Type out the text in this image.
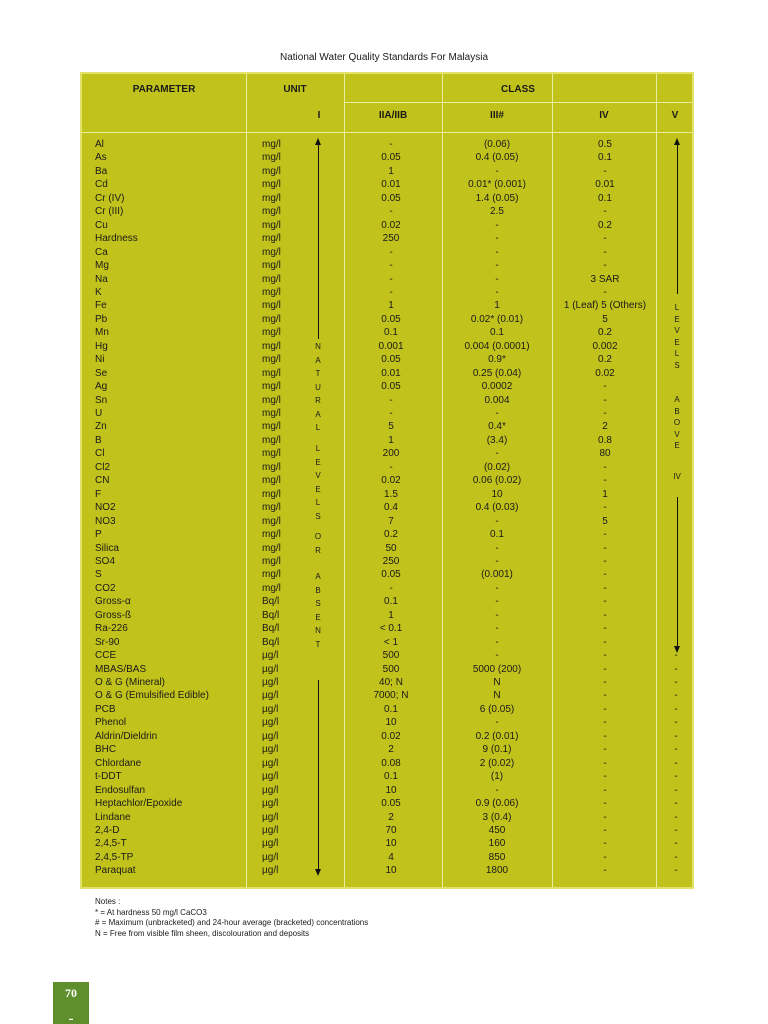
National Water Quality Standards For Malaysia
PARAMETER	UNIT	CLASS
I	IIA/IIB	III#	IV	V
Al	mg/l	-	(0.06)	0.5
As	mg/l	0.05	0.4 (0.05)	0.1
Ba	mg/l	1	-	-
Cd	mg/l	0.01	0.01* (0.001)	0.01
Cr (IV)	mg/l	0.05	1.4 (0.05)	0.1
Cr (III)	mg/l	-	2.5	-
Cu	mg/l	0.02	-	0.2
Hardness	mg/l	250	-	-
Ca	mg/l	-	-	-
Mg	mg/l	-	-	-
Na	mg/l	-	-	3 SAR
K	mg/l	-	-	-
Fe	mg/l	1	1	1 (Leaf) 5 (Others)
Pb	mg/l	0.05	0.02* (0.01)	5
Mn	mg/l	0.1	0.1	0.2
Hg	mg/l	0.001	0.004 (0.0001)	0.002
Ni	mg/l	0.05	0.9*	0.2
Se	mg/l	0.01	0.25 (0.04)	0.02
Ag	mg/l	0.05	0.0002	-
Sn	mg/l	-	0.004	-
U	mg/l	-	-	-
Zn	mg/l	5	0.4*	2
B	mg/l	1	(3.4)	0.8
Cl	mg/l	200	-	80
Cl2	mg/l	-	(0.02)	-
CN	mg/l	0.02	0.06 (0.02)	-
F	mg/l	1.5	10	1
NO2	mg/l	0.4	0.4 (0.03)	-
NO3	mg/l	7	-	5
P	mg/l	0.2	0.1	-
Silica	mg/l	50	-	-
SO4	mg/l	250	-	-
S	mg/l	0.05	(0.001)	-
CO2	mg/l	-	-	-
Gross-α	Bq/l	0.1	-	-
Gross-ß	Bq/l	1	-	-
Ra-226	Bq/l	< 0.1	-	-
Sr-90	Bq/l	< 1	-	-
CCE	µg/l	500	-	-	-
MBAS/BAS	µg/l	500	5000 (200)	-	-
O & G (Mineral)	µg/l	40; N	N	-	-
O & G (Emulsified Edible)	µg/l	7000; N	N	-	-
PCB	µg/l	0.1	6 (0.05)	-	-
Phenol	µg/l	10	-	-	-
Aldrin/Dieldrin	µg/l	0.02	0.2 (0.01)	-	-
BHC	µg/l	2	9 (0.1)	-	-
Chlordane	µg/l	0.08	2 (0.02)	-	-
t-DDT	µg/l	0.1	(1)	-	-
Endosulfan	µg/l	10	-	-	-
Heptachlor/Epoxide	µg/l	0.05	0.9 (0.06)	-	-
Lindane	µg/l	2	3 (0.4)	-	-
2,4-D	µg/l	70	450	-	-
2,4,5-T	µg/l	10	160	-	-
2,4,5-TP	µg/l	4	850	-	-
Paraquat	µg/l	10	1800	-	-
N
A
T
U
R
A
L
L
E
V
E
L
S
O
R
A
B
S
E
N
T
L
E
V
E
L
S
A
B
O
V
E
IV
Notes :
* = At hardness 50 mg/l CaCO3
# = Maximum (unbracketed) and 24-hour average (bracketed) concentrations
N = Free from visible film sheen, discolouration and deposits
70
▬
